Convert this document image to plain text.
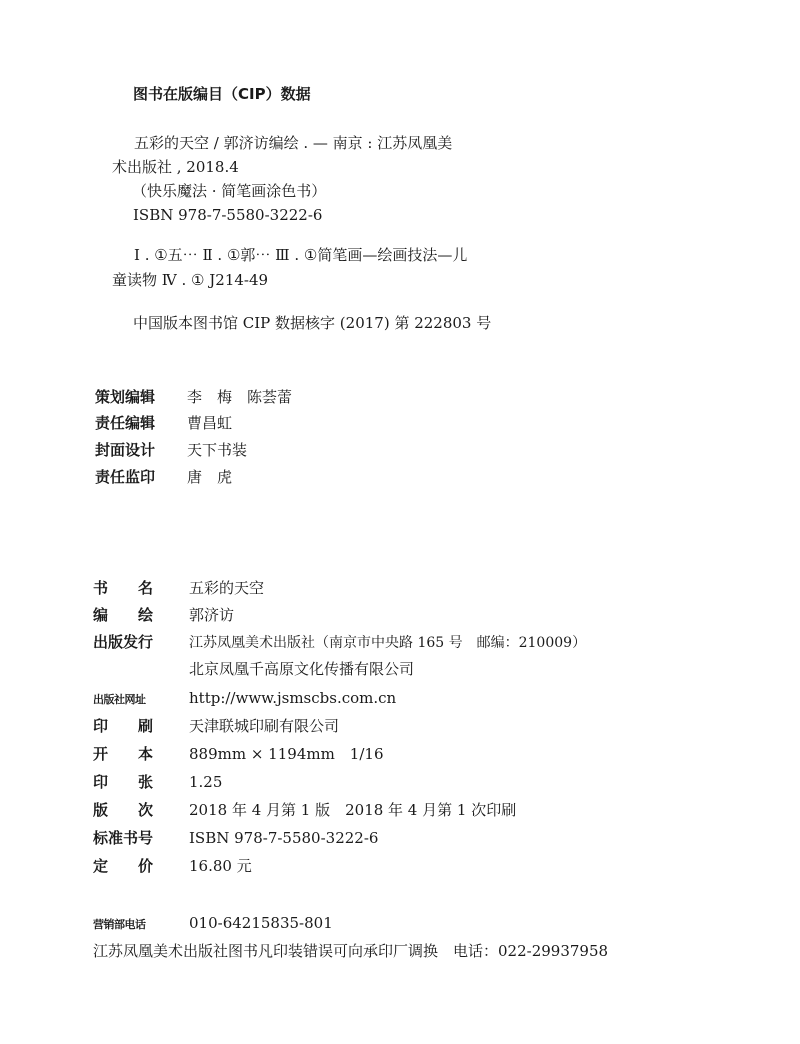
图书在版编目（CIP）数据
五彩的天空 / 郭济访编绘 . — 南京 : 江苏凤凰美
术出版社 , 2018.4
（快乐魔法 · 简笔画涂色书）
ISBN 978-7-5580-3222-6
Ⅰ . ①五⋯ Ⅱ . ①郭⋯ Ⅲ . ①简笔画—绘画技法—儿
童读物 Ⅳ . ① J214-49
中国版本图书馆 CIP 数据核字 (2017) 第 222803 号
策划编辑 李　梅　陈荟蕾
责任编辑 曹昌虹
封面设计 天下书装
责任监印 唐　虎
书　　名 五彩的天空
编　　绘 郭济访
出版发行	江苏凤凰美术出版社（南京市中央路 165 号　邮编：210009）
北京凤凰千高原文化传播有限公司
出版社网址	http://www.jsmscbs.com.cn
印　　刷 天津联城印刷有限公司
开　　本 889mm × 1194mm　1/16
印　　张 1.25
版　　次 2018 年 4 月第 1 版　2018 年 4 月第 1 次印刷
标准书号 ISBN 978-7-5580-3222-6
定　　价 16.80 元
营销部电话	010-64215835-801
江苏凤凰美术出版社图书凡印装错误可向承印厂调换　电话：022-29937958
